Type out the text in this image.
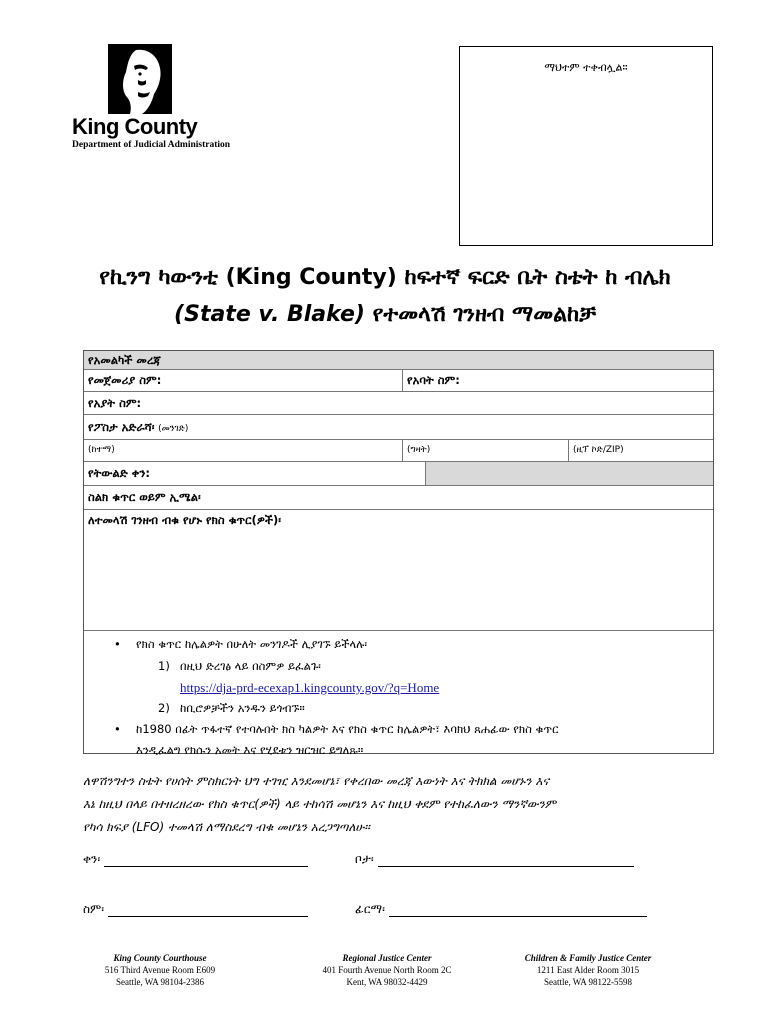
King County
Department of Judicial Administration
ማህተም ተቀብሏል።
የኪንግ ካውንቲ (King County) ከፍተኛ ፍርድ ቤት ስቴት ከ ብሌክ
(State v. Blake) የተመላሽ ገንዘብ ማመልከቻ
የአመልካች መረጃ
የመጀመሪያ ስም:	የአባት ስም:
የአያት ስም:
የፖስታ አድራሻ፡ (መንገድ)
(ከተማ)	(ግዛት)	(ዚፕ ኮድ/ZIP)
የትውልድ ቀን:
ስልክ ቁጥር ወይም ኢሜል፡
ለተመላሽ ገንዘብ ብቁ የሆኑ የክስ ቁጥር(ዎች)፡
• የክስ ቁጥር ከሌልዎት በሁለት መንገዶች ሊያገኙ ይችላሉ፡
1) በዚህ ድረገፅ ላይ በስምዎ ይፈልጉ፡
https://dja-prd-ecexap1.kingcounty.gov/?q=Home
2) ከቢሮዎቻችን አንዱን ይጎብኙ።
• ከ1980 በፊት ጥፋተኛ የተባሉበት ክስ ካልዎት እና የክስ ቁጥር ከሌልዎት፣ እባክህ ጸሐፊው የክስ ቁጥር
እንዲፈልግ የክሱን አመት እና የሂደቱን ዝርዝር ይግለጹ።
ለዋሽንግተን ስቴት የሀሰት ምስክርነት ህግ ተገዢ እንደመሆኔ፣ የቀረበው መረጃ እውነት እና ትክክል መሆኑን እና
እኔ ከዚህ በላይ በተዘረዘረው የክስ ቁጥር(ዎች) ላይ ተከሳሽ መሆኔን እና ከዚህ ቀደም የተከፈለውን ማንኛውንም
የካሳ ክፍያ (LFO) ተመላሽ ለማስደረግ ብቁ መሆኔን አረጋግጣለሁ።
ቀን፡	ቦታ፡
ስም፡	ፊርማ፡
King County Courthouse
516 Third Avenue Room E609
Seattle, WA 98104-2386
Regional Justice Center
401 Fourth Avenue North Room 2C
Kent, WA 98032-4429
Children & Family Justice Center
1211 East Alder Room 3015
Seattle, WA 98122-5598
